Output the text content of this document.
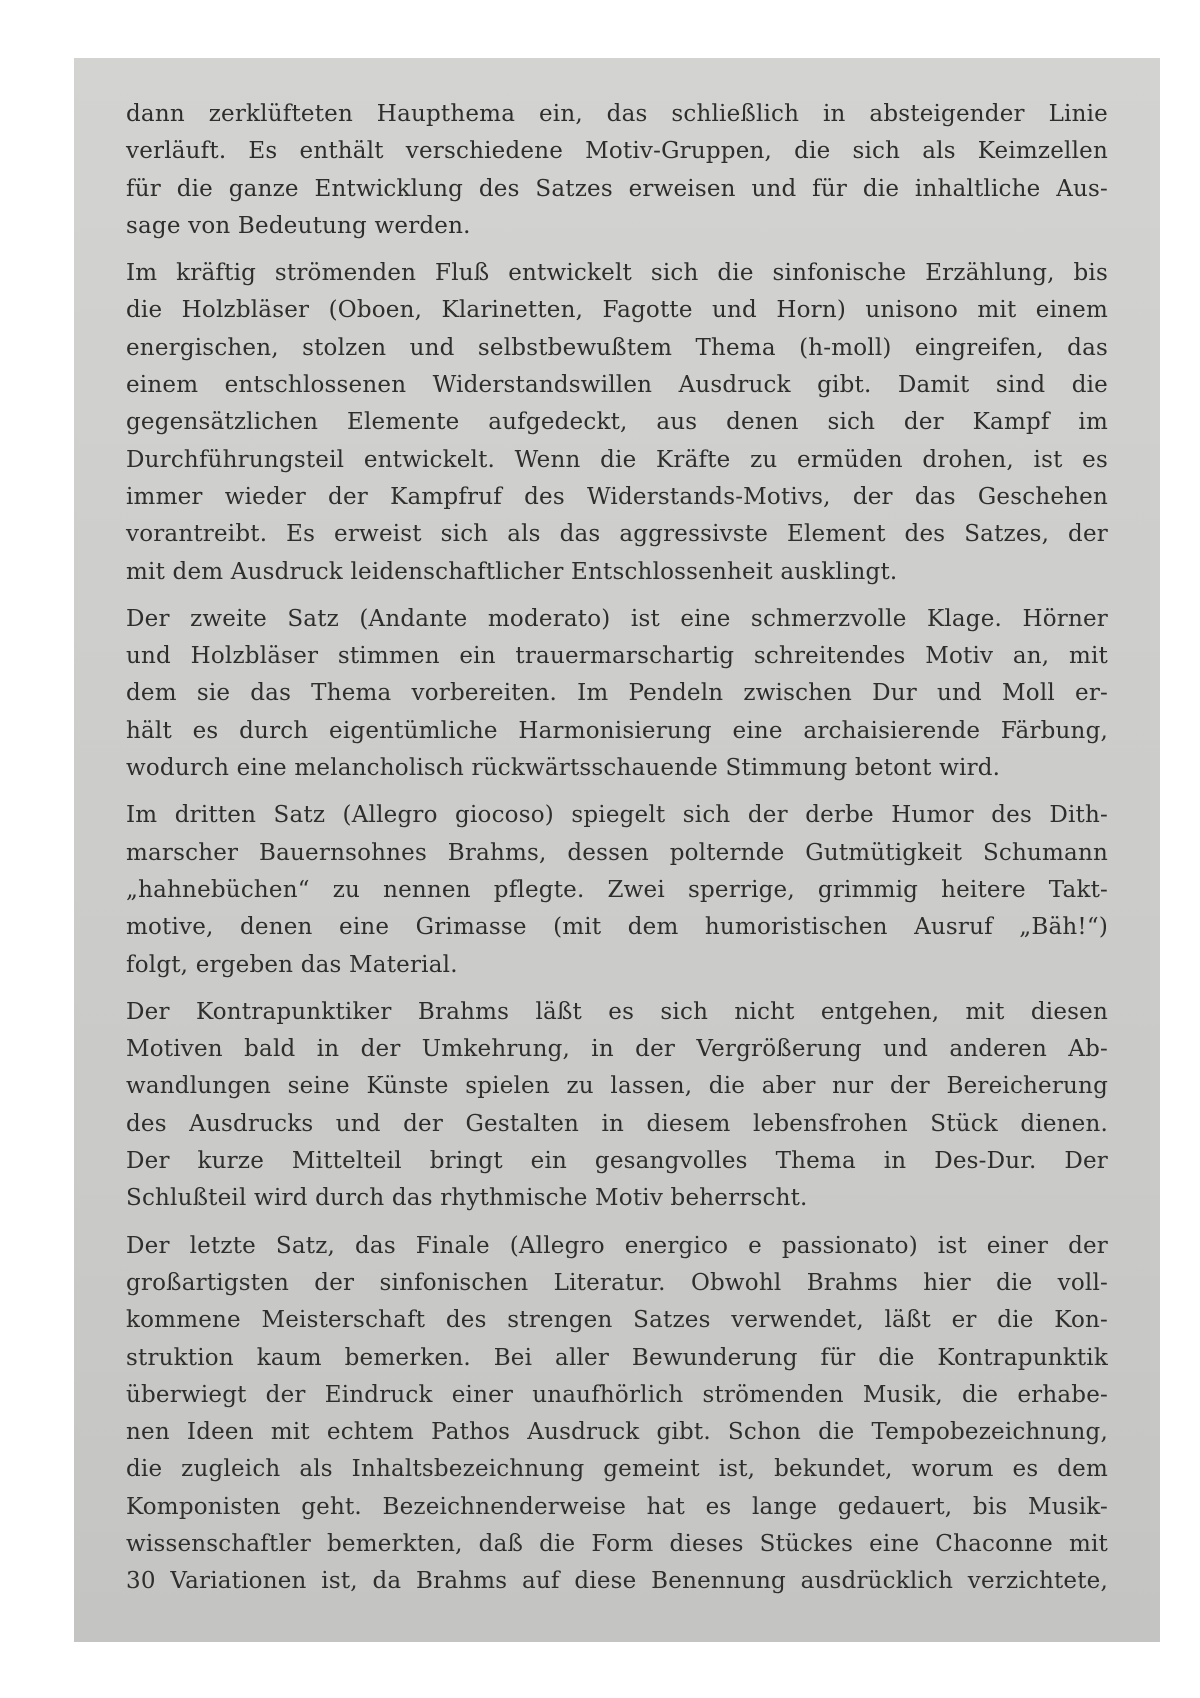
dann zerklüfteten Haupthema ein, das schließlich in absteigender Linie
verläuft. Es enthält verschiedene Motiv-Gruppen, die sich als Keimzellen
für die ganze Entwicklung des Satzes erweisen und für die inhaltliche Aus-
sage von Bedeutung werden.
Im kräftig strömenden Fluß entwickelt sich die sinfonische Erzählung, bis
die Holzbläser (Oboen, Klarinetten, Fagotte und Horn) unisono mit einem
energischen, stolzen und selbstbewußtem Thema (h-moll) eingreifen, das
einem entschlossenen Widerstandswillen Ausdruck gibt. Damit sind die
gegensätzlichen Elemente aufgedeckt, aus denen sich der Kampf im
Durchführungsteil entwickelt. Wenn die Kräfte zu ermüden drohen, ist es
immer wieder der Kampfruf des Widerstands-Motivs, der das Geschehen
vorantreibt. Es erweist sich als das aggressivste Element des Satzes, der
mit dem Ausdruck leidenschaftlicher Entschlossenheit ausklingt.
Der zweite Satz (Andante moderato) ist eine schmerzvolle Klage. Hörner
und Holzbläser stimmen ein trauermarschartig schreitendes Motiv an, mit
dem sie das Thema vorbereiten. Im Pendeln zwischen Dur und Moll er-
hält es durch eigentümliche Harmonisierung eine archaisierende Färbung,
wodurch eine melancholisch rückwärtsschauende Stimmung betont wird.
Im dritten Satz (Allegro giocoso) spiegelt sich der derbe Humor des Dith-
marscher Bauernsohnes Brahms, dessen polternde Gutmütigkeit Schumann
„hahnebüchen“ zu nennen pflegte. Zwei sperrige, grimmig heitere Takt-
motive, denen eine Grimasse (mit dem humoristischen Ausruf „Bäh!“)
folgt, ergeben das Material.
Der Kontrapunktiker Brahms läßt es sich nicht entgehen, mit diesen
Motiven bald in der Umkehrung, in der Vergrößerung und anderen Ab-
wandlungen seine Künste spielen zu lassen, die aber nur der Bereicherung
des Ausdrucks und der Gestalten in diesem lebensfrohen Stück dienen.
Der kurze Mittelteil bringt ein gesangvolles Thema in Des-Dur. Der
Schlußteil wird durch das rhythmische Motiv beherrscht.
Der letzte Satz, das Finale (Allegro energico e passionato) ist einer der
großartigsten der sinfonischen Literatur. Obwohl Brahms hier die voll-
kommene Meisterschaft des strengen Satzes verwendet, läßt er die Kon-
struktion kaum bemerken. Bei aller Bewunderung für die Kontrapunktik
überwiegt der Eindruck einer unaufhörlich strömenden Musik, die erhabe-
nen Ideen mit echtem Pathos Ausdruck gibt. Schon die Tempobezeichnung,
die zugleich als Inhaltsbezeichnung gemeint ist, bekundet, worum es dem
Komponisten geht. Bezeichnenderweise hat es lange gedauert, bis Musik-
wissenschaftler bemerkten, daß die Form dieses Stückes eine Chaconne mit
30 Variationen ist, da Brahms auf diese Benennung ausdrücklich verzichtete,
